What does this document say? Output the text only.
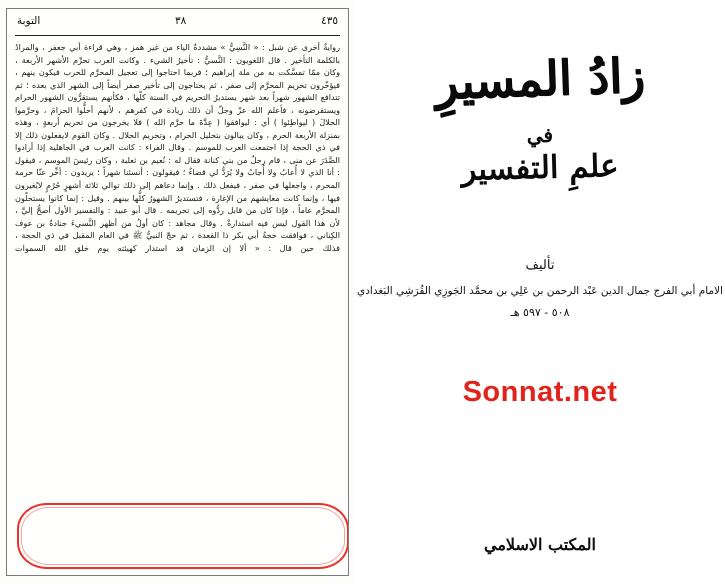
٤٣٥
٣٨
التوبة

روايةٌ أخرى عن شبل : « النَّسِيُّ » مشددةُ الياء من غير همز ، وهي قراءة أبي جعفر ، والمرادُ بالكلمة التأخير . قال اللغويون : النَّسيُّ : تأخيرُ الشيء . وكانت العرب تحرِّم الأشهر الأربعة ، وكان ممّا تمسَّكت به من ملة إبراهيم ؛ فربما احتاجوا إلى تعجيل المحرَّم للحرب فيكون ينهم ، فيؤخّرون تحريم المحرَّم إلى صفر ، ثم يحتاجون إلى تأخير صفر أيضاً إلى الشهر الذي بعده ؛ ثم تتدافع الشهور شهراً بعد شهر يستديرُ التحريم في السنة كلّها ، فكأنهم يستقرُّون الشهور الحرام ويستقرضونه ، فأعلم الله عزّ وجلّ أن ذلك زيادة في كفرهم ، لأنهم أحلُّوا الحرامَ ، وحرَّموا الحلالَ ( ليواطِئوا ) أي : ليوافقوا ( عِدَّةَ ما حرَّم الله ) فلا يخرجون من تحريم أربعةٍ ، وهذه بمنزلة الأربعة الحرم ، وكان يبالون بتحليل الحرام ، وتحريم الحلال . وكان القوم لايفعلون ذلك إلا في ذي الحجة إذا اجتمعت العرب للموسم . وقال الفراء : كانت العرب في الجاهلية إذا أرادوا الصَّدَرَ عن منى ، قام رجلٌ من بني كنانة فقال له : نُعيم بن ثعلبة ، وكان رئيسَ الموسم ، فيقول : أنا الذي لا أُعابُ ولا أُجابُ ولا يُرَدُّ لي قضاءٌ ؛ فيقولون : أنسئنا شهراً ؛ يريدون : أخِّر عنّا حرمة المحرم ، واجعلها في صفر ، فيفعل ذلك . وإنما دعاهم إلى ذلك توالي ثلاثة أشهرٍ حُرُمٍ لايُغيرون فيها ، وإنما كانت معايشهم من الإغارة ، فتستديرُ الشهورُ كلُّها بينهم . وقيل : إنما كانوا يستحلّون المحرَّم عاماً ، فإذا كان من قابل ردُّوه إلى تحريمه . قال أبو عبيد : والتفسير الأول أصحُّ إليَّ ، لأن هذا القول ليس فيه استدارةٌ . وقال مجاهد : كان أولُ من أظهر النَّسيءَ جنادةُ بن عوف الكِناني ، فوافقت حجةُ أبي بكر ذا القعدة ، ثم حجّ النبيُّ ﷺ في العام المقبل في ذي الحجة ، فذلك حين قال : « ألا إن الزمان قد استدار كهيئته يوم خلق الله السموات

زادُ المسيرِ
في
علمِ التفسير
تأليف
الامام أبي الفرج جمال الدين عَبْد الرحمن بن عَلِي بن محمَّد الجَوزِي القُرَشِي البَغدادي
٥٠٨ - ٥٩٧ هـ
Sonnat.net
المكتب الاسلامي
